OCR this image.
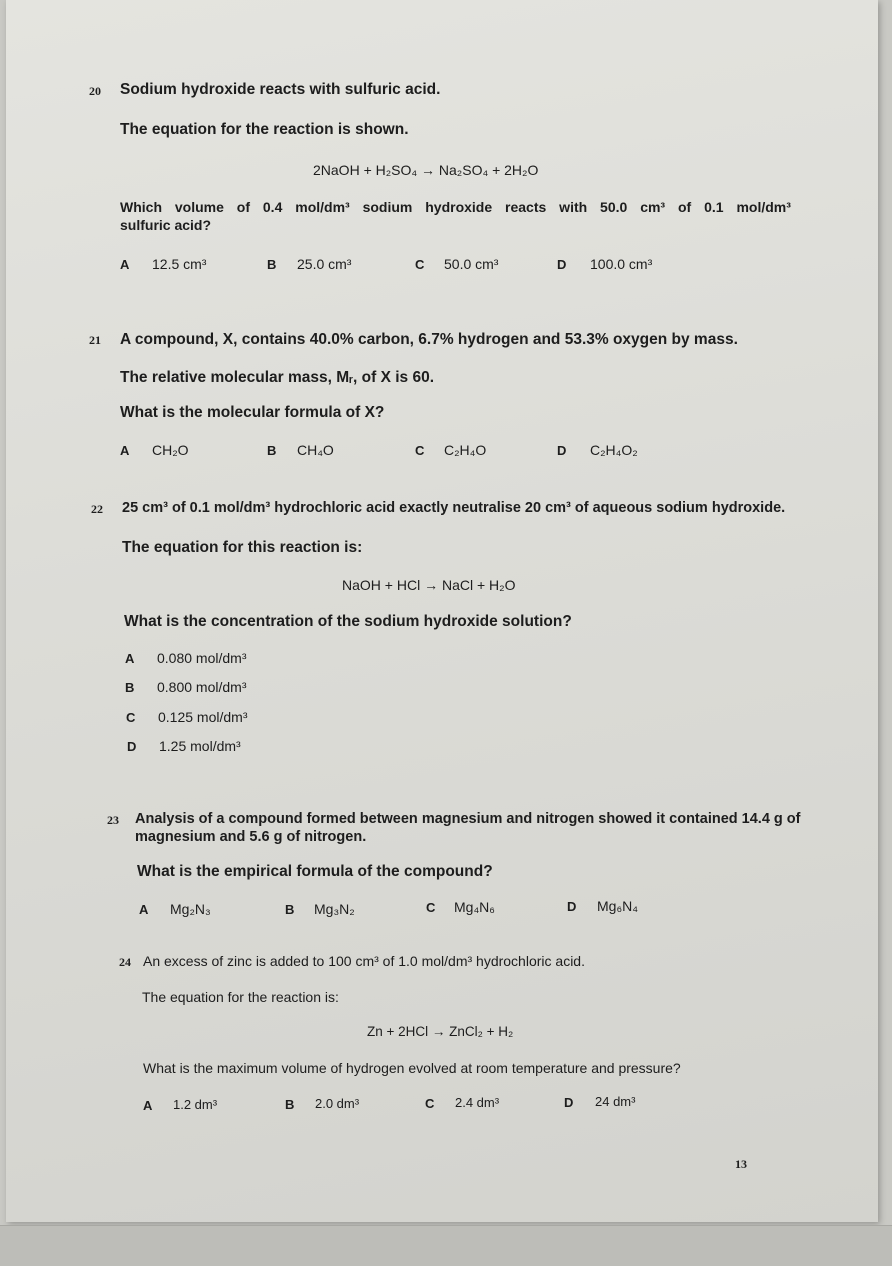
20 Sodium hydroxide reacts with sulfuric acid.
The equation for the reaction is shown.
2NaOH + H₂SO₄ → Na₂SO₄ + 2H₂O
Which volume of 0.4 mol/dm³ sodium hydroxide reacts with 50.0 cm³ of 0.1 mol/dm³
sulfuric acid?
A 12.5 cm³	B 25.0 cm³	C 50.0 cm³	D 100.0 cm³
21 A compound, X, contains 40.0% carbon, 6.7% hydrogen and 53.3% oxygen by mass.
The relative molecular mass, Mᵣ, of X is 60.
What is the molecular formula of X?
A CH₂O	B CH₄O	C C₂H₄O	D C₂H₄O₂
22 25 cm³ of 0.1 mol/dm³ hydrochloric acid exactly neutralise 20 cm³ of aqueous sodium hydroxide.
The equation for this reaction is:
NaOH + HCl → NaCl + H₂O
What is the concentration of the sodium hydroxide solution?
A 0.080 mol/dm³
B 0.800 mol/dm³
C 0.125 mol/dm³
D 1.25 mol/dm³
23 Analysis of a compound formed between magnesium and nitrogen showed it contained 14.4 g of
magnesium and 5.6 g of nitrogen.
What is the empirical formula of the compound?
A Mg₂N₃	B Mg₃N₂	C Mg₄N₆	D Mg₆N₄
24 An excess of zinc is added to 100 cm³ of 1.0 mol/dm³ hydrochloric acid.
The equation for the reaction is:
Zn + 2HCl → ZnCl₂ + H₂
What is the maximum volume of hydrogen evolved at room temperature and pressure?
A 1.2 dm³	B 2.0 dm³	C 2.4 dm³	D 24 dm³
13
